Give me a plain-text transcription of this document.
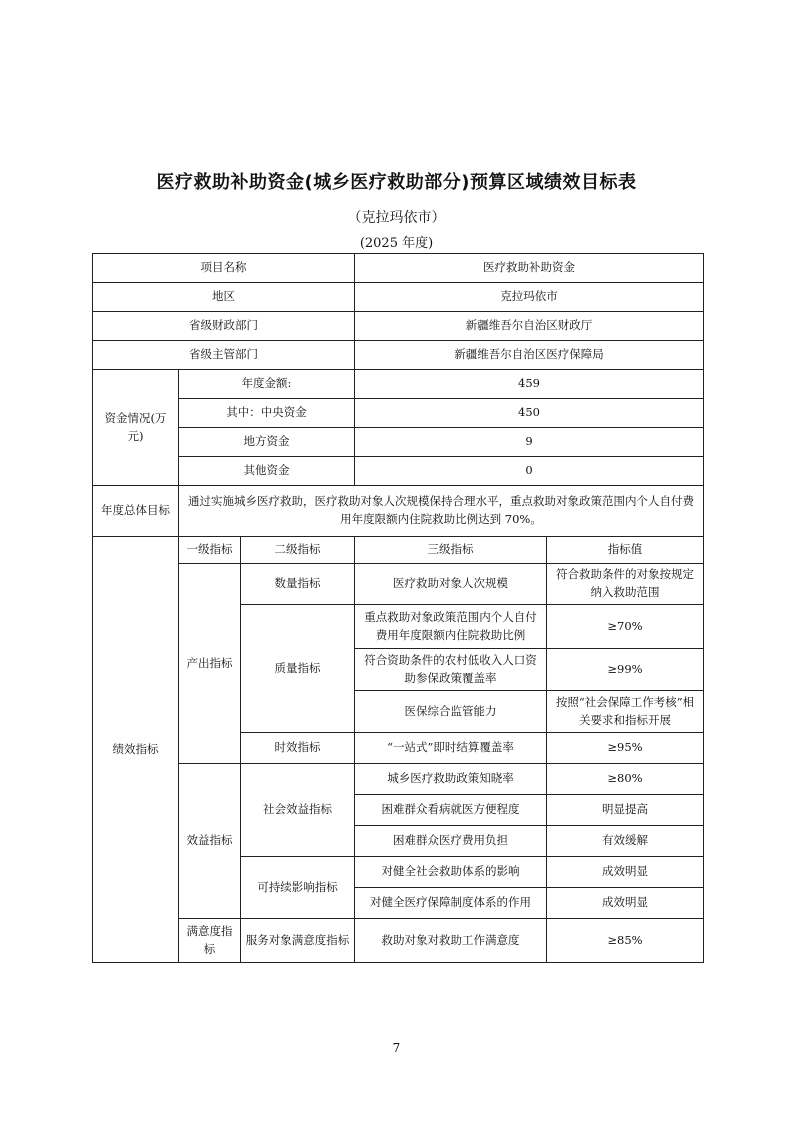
医疗救助补助资金(城乡医疗救助部分)预算区域绩效目标表
（克拉玛依市）
(2025 年度)
项目名称			医疗救助补助资金	
地区			克拉玛依市	
省级财政部门			新疆维吾尔自治区财政厅	
省级主管部门			新疆维吾尔自治区医疗保障局	
资金情况(万元)	年度金额:		459	
	其中：中央资金		450	
	地方资金		9	
	其他资金		0	
年度总体目标	通过实施城乡医疗救助，医疗救助对象人次规模保持合理水平，重点救助对象政策范围内个人自付费用年度限额内住院救助比例达到 70%。			
绩效指标	一级指标	二级指标	三级指标	指标值
	产出指标	数量指标	医疗救助对象人次规模	符合救助条件的对象按规定纳入救助范围
		质量指标	重点救助对象政策范围内个人自付费用年度限额内住院救助比例	≥70%
			符合资助条件的农村低收入人口资助参保政策覆盖率	≥99%
			医保综合监管能力	按照“社会保障工作考核”相关要求和指标开展
		时效指标	“一站式”即时结算覆盖率	≥95%
	效益指标	社会效益指标	城乡医疗救助政策知晓率	≥80%
			困难群众看病就医方便程度	明显提高
			困难群众医疗费用负担	有效缓解
		可持续影响指标	对健全社会救助体系的影响	成效明显
			对健全医疗保障制度体系的作用	成效明显
	满意度指标	服务对象满意度指标	救助对象对救助工作满意度	≥85%
7
